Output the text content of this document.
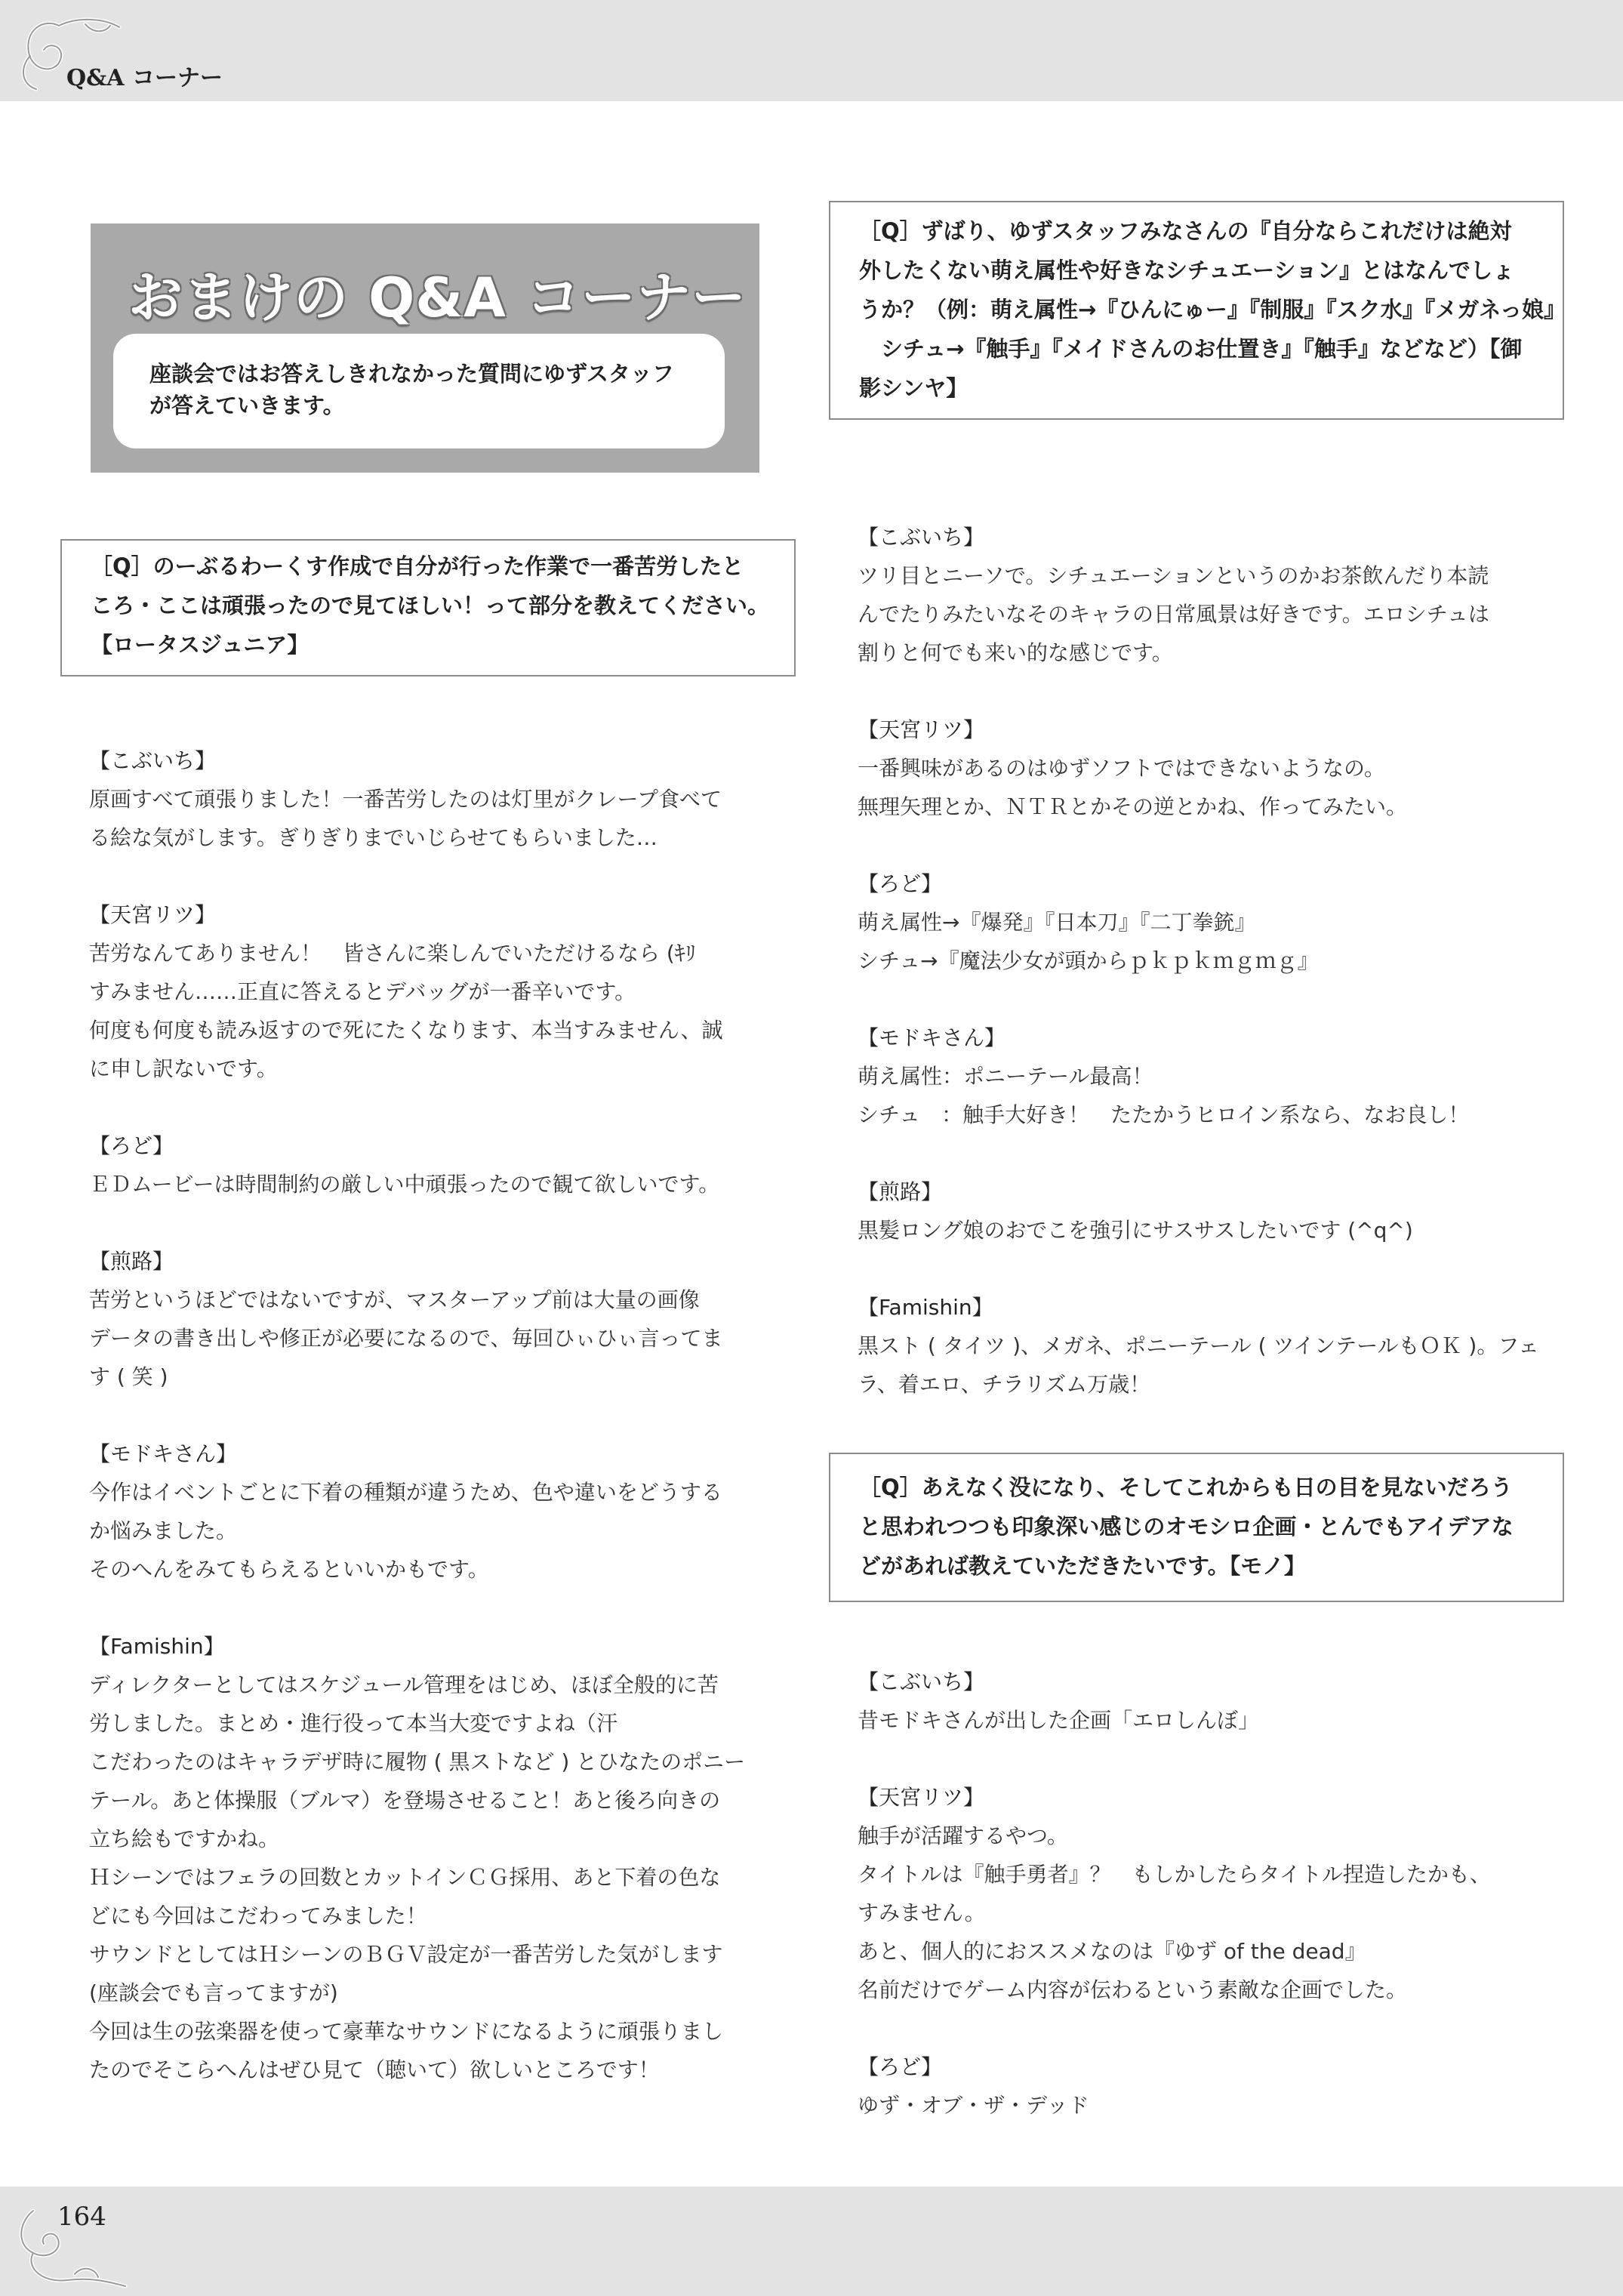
Q&A コーナー
おまけの Q&A コーナー
座談会ではお答えしきれなかった質問にゆずスタッフ
が答えていきます。

［Q］のーぶるわーくす作成で自分が行った作業で一番苦労したと

ころ・ここは頑張ったので見てほしい！って部分を教えてください。

【ロータスジュニア】

【こぶいち】
原画すべて頑張りました！一番苦労したのは灯里がクレープ食べて
る絵な気がします。ぎりぎりまでいじらせてもらいました…
【天宮リツ】
苦労なんてありません！　皆さんに楽しんでいただけるなら (ｷﾘ
すみません……正直に答えるとデバッグが一番辛いです。
何度も何度も読み返すので死にたくなります、本当すみません、誠
に申し訳ないです。
【ろど】
ＥＤムービーは時間制約の厳しい中頑張ったので観て欲しいです。
【煎路】
苦労というほどではないですが、マスターアップ前は大量の画像
データの書き出しや修正が必要になるので、毎回ひぃひぃ言ってま
す ( 笑 )
【モドキさん】
今作はイベントごとに下着の種類が違うため、色や違いをどうする
か悩みました。
そのへんをみてもらえるといいかもです。
【Famishin】
ディレクターとしてはスケジュール管理をはじめ、ほぼ全般的に苦
労しました。まとめ・進行役って本当大変ですよね（汗
こだわったのはキャラデザ時に履物 ( 黒ストなど ) とひなたのポニー
テール。あと体操服（ブルマ）を登場させること！あと後ろ向きの
立ち絵もですかね。
Ｈシーンではフェラの回数とカットインＣＧ採用、あと下着の色な
どにも今回はこだわってみました！
サウンドとしてはＨシーンのＢＧＶ設定が一番苦労した気がします
(座談会でも言ってますが)
今回は生の弦楽器を使って豪華なサウンドになるように頑張りまし
たのでそこらへんはぜひ見て（聴いて）欲しいところです！

［Q］ずばり、ゆずスタッフみなさんの『自分ならこれだけは絶対

外したくない萌え属性や好きなシチュエーション』とはなんでしょ

うか？（例：萌え属性→『ひんにゅー』『制服』『スク水』『メガネっ娘』

　シチュ→『触手』『メイドさんのお仕置き』『触手』などなど）【御

影シンヤ】

【こぶいち】
ツリ目とニーソで。シチュエーションというのかお茶飲んだり本読
んでたりみたいなそのキャラの日常風景は好きです。エロシチュは
割りと何でも来い的な感じです。
【天宮リツ】
一番興味があるのはゆずソフトではできないようなの。
無理矢理とか、ＮＴＲとかその逆とかね、作ってみたい。
【ろど】
萌え属性→『爆発』『日本刀』『二丁拳銃』
シチュ→『魔法少女が頭からｐｋｐｋｍｇｍｇ』
【モドキさん】
萌え属性：ポニーテール最高！
シチュ　：触手大好き！　たたかうヒロイン系なら、なお良し！
【煎路】
黒髪ロング娘のおでこを強引にサスサスしたいです (^q^)
【Famishin】
黒スト ( タイツ )、メガネ、ポニーテール ( ツインテールもＯＫ )。フェ
ラ、着エロ、チラリズム万歳！

［Q］あえなく没になり、そしてこれからも日の目を見ないだろう

と思われつつも印象深い感じのオモシロ企画・とんでもアイデアな

どがあれば教えていただきたいです。【モノ】

【こぶいち】
昔モドキさんが出した企画「エロしんぼ」
【天宮リツ】
触手が活躍するやつ。
タイトルは『触手勇者』？　もしかしたらタイトル捏造したかも、
すみません。
あと、個人的におススメなのは『ゆず of the dead』
名前だけでゲーム内容が伝わるという素敵な企画でした。
【ろど】
ゆず・オブ・ザ・デッド
164
